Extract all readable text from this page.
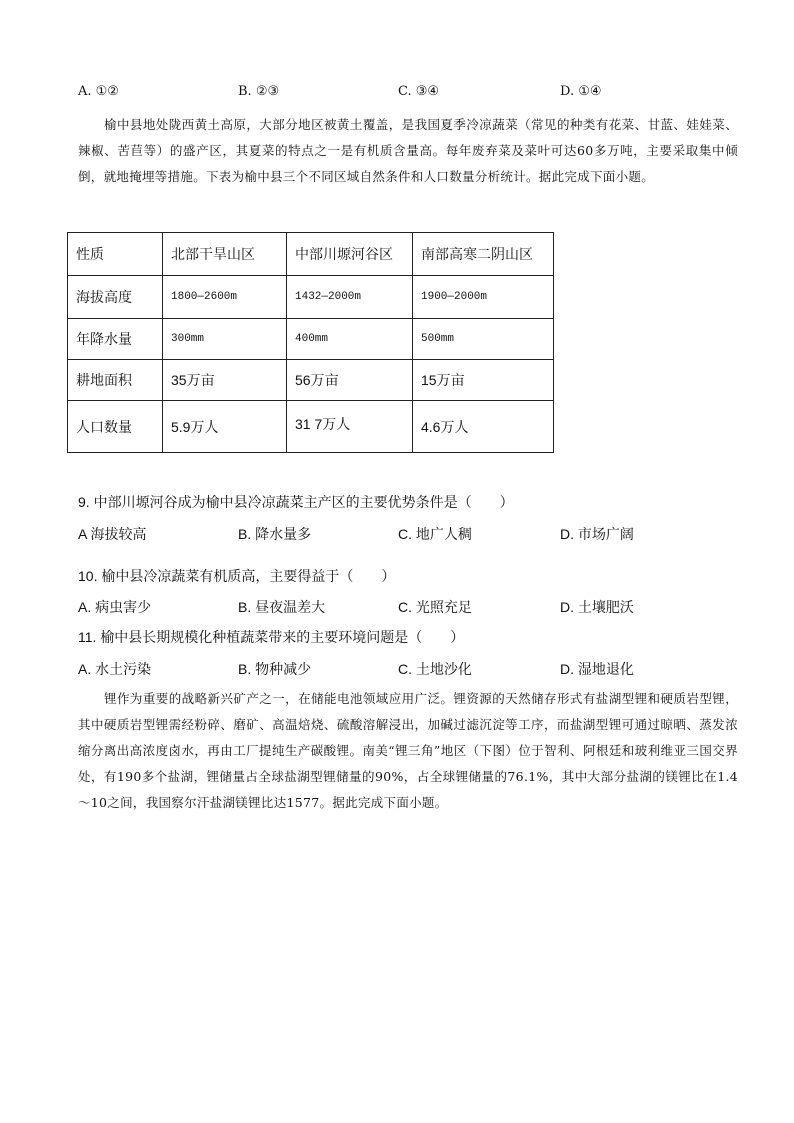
A. ①②	B. ②③	C. ③④	D. ①④
榆中县地处陇西黄土高原，大部分地区被黄土覆盖，是我国夏季冷凉蔬菜（常见的种类有花菜、甘蓝、娃娃菜、辣椒、苦苣等）的盛产区，其夏菜的特点之一是有机质含量高。每年废弃菜及菜叶可达60多万吨，主要采取集中倾倒，就地掩埋等措施。下表为榆中县三个不同区域自然条件和人口数量分析统计。据此完成下面小题。
性质	北部干旱山区	中部川塬河谷区	南部高寒二阴山区
海拔高度	1800—2600m	1432—2000m	1900—2000m
年降水量	300mm	400mm	500mm
耕地面积	35万亩	56万亩	15万亩
人口数量	5.9万人	31 7万人	4.6万人
9. 中部川塬河谷成为榆中县冷凉蔬菜主产区的主要优势条件是（　　）
A 海拔较高	B. 降水量多	C. 地广人稠	D. 市场广阔
10. 榆中县冷凉蔬菜有机质高，主要得益于（　　）
A. 病虫害少	B. 昼夜温差大	C. 光照充足	D. 土壤肥沃
11. 榆中县长期规模化种植蔬菜带来的主要环境问题是（　　）
A. 水土污染	B. 物种减少	C. 土地沙化	D. 湿地退化
锂作为重要的战略新兴矿产之一，在储能电池领域应用广泛。锂资源的天然储存形式有盐湖型锂和硬质岩型锂，其中硬质岩型锂需经粉碎、磨矿、高温焙烧、硫酸溶解浸出，加碱过滤沉淀等工序，而盐湖型锂可通过晾晒、蒸发浓缩分离出高浓度卤水，再由工厂提纯生产碳酸锂。南美“锂三角”地区（下图）位于智利、阿根廷和玻利维亚三国交界处，有190多个盐湖，锂储量占全球盐湖型锂储量的90%，占全球锂储量的76.1%，其中大部分盐湖的镁锂比在1.4～10之间，我国察尔汗盐湖镁锂比达1577。据此完成下面小题。
